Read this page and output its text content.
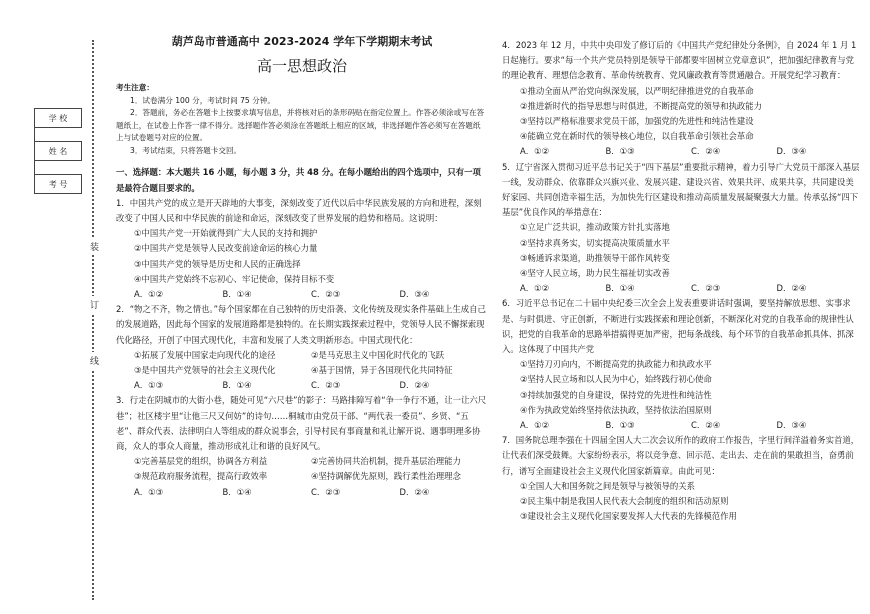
装
订
线
学 校
姓 名
考 号
葫芦岛市普通高中 2023-2024 学年下学期期末考试
高一思想政治
考生注意：
1．试卷满分 100 分，考试时间 75 分钟。
2．答题前，务必在答题卡上按要求填写信息，并将核对后的条形码贴在指定位置上。作答必须涂或写在答题纸上，在试卷上作答一律不得分。选择题作答必须涂在答题纸上相应的区域，非选择题作答必须写在答题纸上与试卷题号对应的位置。
3．考试结束，只将答题卡交回。
一、选择题：本大题共 16 小题，每小题 3 分，共 48 分。在每小题给出的四个选项中，只有一项是最符合题目要求的。
1．中国共产党的成立是开天辟地的大事变，深刻改变了近代以后中华民族发展的方向和进程，深刻改变了中国人民和中华民族的前途和命运，深刻改变了世界发展的趋势和格局。这说明：
①中国共产党一开始就得到广大人民的支持和拥护
②中国共产党是领导人民改变前途命运的核心力量
③中国共产党的领导是历史和人民的正确选择
④中国共产党始终不忘初心、牢记使命，保持目标不变
A．①②	B．①④	C．②③	D．③④
2．“物之不齐，物之情也。”每个国家都在自己独特的历史沿袭、文化传统及现实条件基础上生成自己的发展道路，因此每个国家的发展道路都是独特的。在长期实践探索过程中，党领导人民不懈探索现代化路径，开创了中国式现代化，丰富和发展了人类文明新形态。中国式现代化：
①拓展了发展中国家走向现代化的途径	②是马克思主义中国化时代化的飞跃
③是中国共产党领导的社会主义现代化	④基于国情，异于各国现代化共同特征
A．①③	B．①④	C．②③	D．②④
3．行走在阴城市的大街小巷，随处可见“六尺巷”的影子：马路排障写着“争一争行不通，让一让六尺巷”；社区楼宇里“让他三尺又何妨”的诗句……桐城市由党员干部、“两代表一委员”、乡贤、“五老”、群众代表、法律明白人等组成的群众说事会，引导村民有事商量和礼让解开说、遇事明理多协商，众人的事众人商量，推动形成礼让和谐的良好风气。
①完善基层党的组织，协调各方利益	②完善协同共治机制，提升基层治理能力
③规范政府服务流程，提高行政效率	④坚持调解优先原则，践行柔性治理理念
A．①③	B．①④	C．②③	D．②④
4．2023 年 12 月，中共中央印发了修订后的《中国共产党纪律处分条例》，自 2024 年 1 月 1 日起施行。要求“每一个共产党员特别是领导干部都要牢固树立党章意识”，把加强纪律教育与党的理论教育、理想信念教育、革命传统教育、党风廉政教育等贯通融合。开展党纪学习教育：
①推动全面从严治党向纵深发展，以严明纪律推进党的自我革命
②推进新时代的指导思想与时俱进，不断提高党的领导和执政能力
③坚持以严格标准要求党员干部，加强党的先进性和纯洁性建设
④能确立党在新时代的领导核心地位，以自我革命引领社会革命
A．①②	B．①③	C．②④	D．③④
5．辽宁省深入贯彻习近平总书记关于“四下基层”重要批示精神，着力引导广大党员干部深入基层一线，发动群众、依靠群众兴旗兴业、发展兴建、建设兴省、效果共评、成果共享，共同建设美好家园、共同创造幸福生活，为加快先行区建设和推动高质量发展凝聚强大力量。传承弘扬“四下基层”优良作风的举措意在：
①立足广泛共识，推动政策方针扎实落地
②坚持求真务实，切实提高决策质量水平
③畅通诉求渠道，助推领导干部作风转变
④坚守人民立场，助力民生福祉切实改善
A．①②	B．①④	C．②③	D．②④
6．习近平总书记在二十届中央纪委三次全会上发表重要讲话时强调，要坚持解放思想、实事求是、与时俱进、守正创新，不断进行实践探索和理论创新，不断深化对党的自我革命的规律性认识，把党的自我革命的思路举措搞得更加严密，把每条战线、每个环节的自我革命抓具体、抓深入。这体现了中国共产党
①坚持刀刃向内，不断提高党的执政能力和执政水平
②坚持人民立场和以人民为中心，始终践行初心使命
③持续加强党的自身建设，保持党的先进性和纯洁性
④作为执政党始终坚持依法执政，坚持依法治国原则
A．①②	B．①③	C．②④	D．③④
7．国务院总理李强在十四届全国人大二次会议所作的政府工作报告，字里行间洋溢着务实首道，让代表们深受鼓舞。大家纷纷表示，将以竞争意、回示范、走出去、走在前的果敢担当，奋勇前行，谱写全面建设社会主义现代化国家新篇章。由此可见：
①全国人大和国务院之间是领导与被领导的关系
②民主集中制是我国人民代表大会制度的组织和活动原则
③建设社会主义现代化国家要发挥人大代表的先锋模范作用
